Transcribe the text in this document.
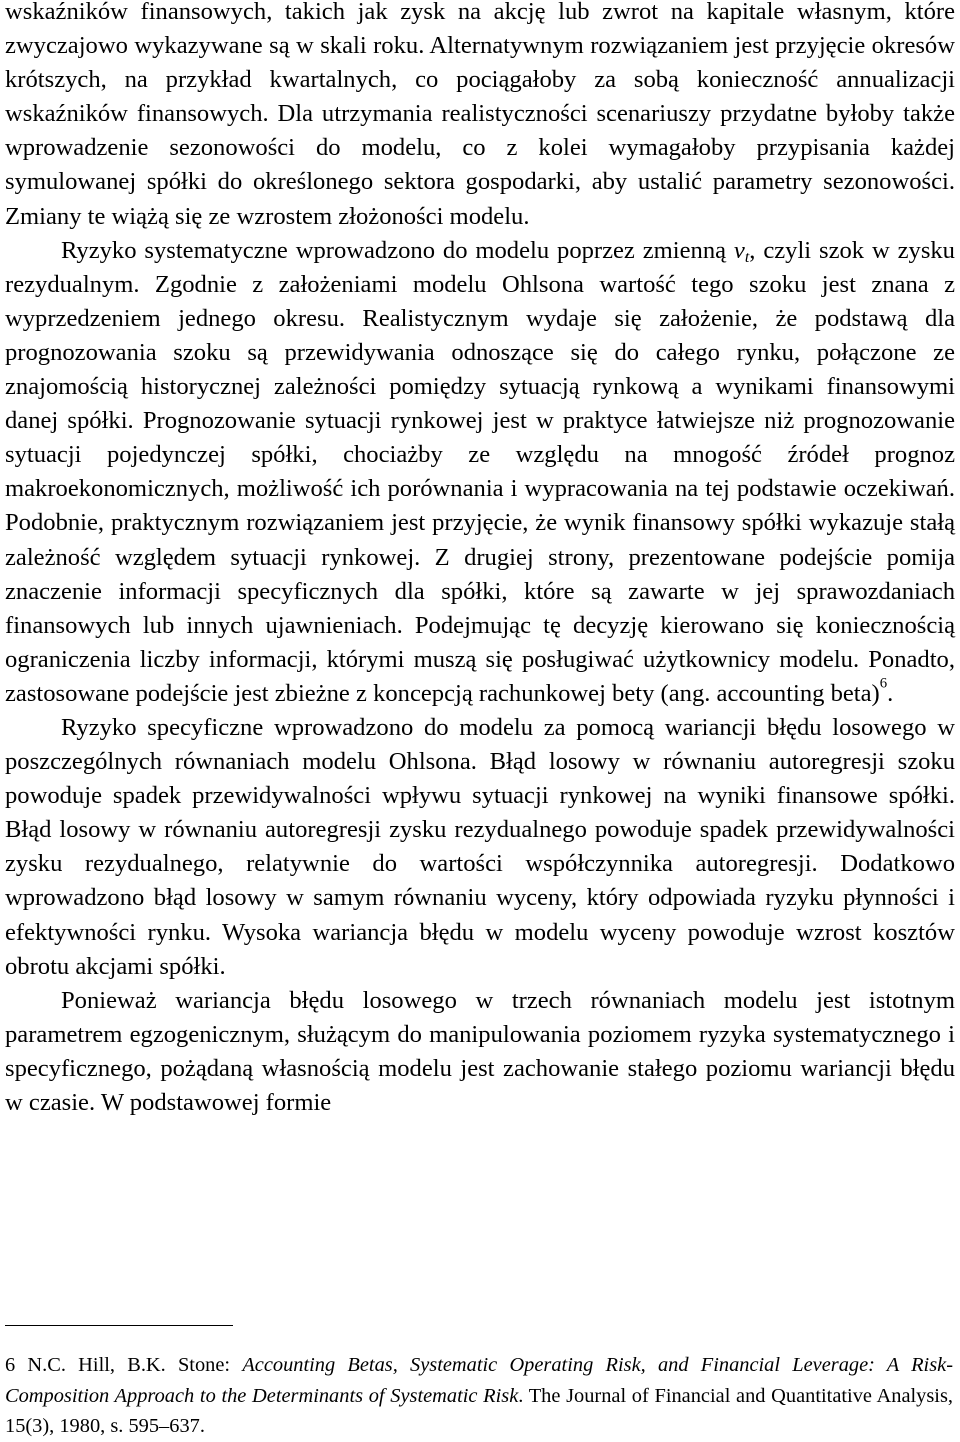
wskaźników finansowych, takich jak zysk na akcję lub zwrot na kapitale własnym, które zwyczajowo wykazywane są w skali roku. Alternatywnym rozwiązaniem jest przyjęcie okresów krótszych, na przykład kwartalnych, co pociągałoby za sobą konieczność annualizacji wskaźników finansowych. Dla utrzymania realistyczności scenariuszy przydatne byłoby także wprowadzenie sezonowości do modelu, co z kolei wymagałoby przypisania każdej symulowanej spółki do określonego sektora gospodarki, aby ustalić parametry sezonowości. Zmiany te wiążą się ze wzrostem złożoności modelu.

Ryzyko systematyczne wprowadzono do modelu poprzez zmienną $v_t$, czyli szok w zysku rezydualnym. Zgodnie z założeniami modelu Ohlsona wartość tego szoku jest znana z wyprzedzeniem jednego okresu. Realistycznym wydaje się założenie, że podstawą dla prognozowania szoku są przewidywania odnoszące się do całego rynku, połączone ze znajomością historycznej zależności pomiędzy sytuacją rynkową a wynikami finansowymi danej spółki. Prognozowanie sytuacji rynkowej jest w praktyce łatwiejsze niż prognozowanie sytuacji pojedynczej spółki, chociażby ze względu na mnogość źródeł prognoz makroekonomicznych, możliwość ich porównania i wypracowania na tej podstawie oczekiwań. Podobnie, praktycznym rozwiązaniem jest przyjęcie, że wynik finansowy spółki wykazuje stałą zależność względem sytuacji rynkowej. Z drugiej strony, prezentowane podejście pomija znaczenie informacji specyficznych dla spółki, które są zawarte w jej sprawozdaniach finansowych lub innych ujawnieniach. Podejmując tę decyzję kierowano się koniecznością ograniczenia liczby informacji, którymi muszą się posługiwać użytkownicy modelu. Ponadto, zastosowane podejście jest zbieżne z koncepcją rachunkowej bety (ang. accounting beta)$^6$.

Ryzyko specyficzne wprowadzono do modelu za pomocą wariancji błędu losowego w poszczególnych równaniach modelu Ohlsona. Błąd losowy w równaniu autoregresji szoku powoduje spadek przewidywalności wpływu sytuacji rynkowej na wyniki finansowe spółki. Błąd losowy w równaniu autoregresji zysku rezydualnego powoduje spadek przewidywalności zysku rezydualnego, relatywnie do wartości współczynnika autoregresji. Dodatkowo wprowadzono błąd losowy w samym równaniu wyceny, który odpowiada ryzyku płynności i efektywności rynku. Wysoka wariancja błędu w modelu wyceny powoduje wzrost kosztów obrotu akcjami spółki.

Ponieważ wariancja błędu losowego w trzech równaniach modelu jest istotnym parametrem egzogenicznym, służącym do manipulowania poziomem ryzyka systematycznego i specyficznego, pożądaną własnością modelu jest zachowanie stałego poziomu wariancji błędu w czasie. W podstawowej formie

6 N.C. Hill, B.K. Stone: Accounting Betas, Systematic Operating Risk, and Financial Leverage: A Risk-Composition Approach to the Determinants of Systematic Risk. The Journal of Financial and Quantitative Analysis, 15(3), 1980, s. 595–637.
